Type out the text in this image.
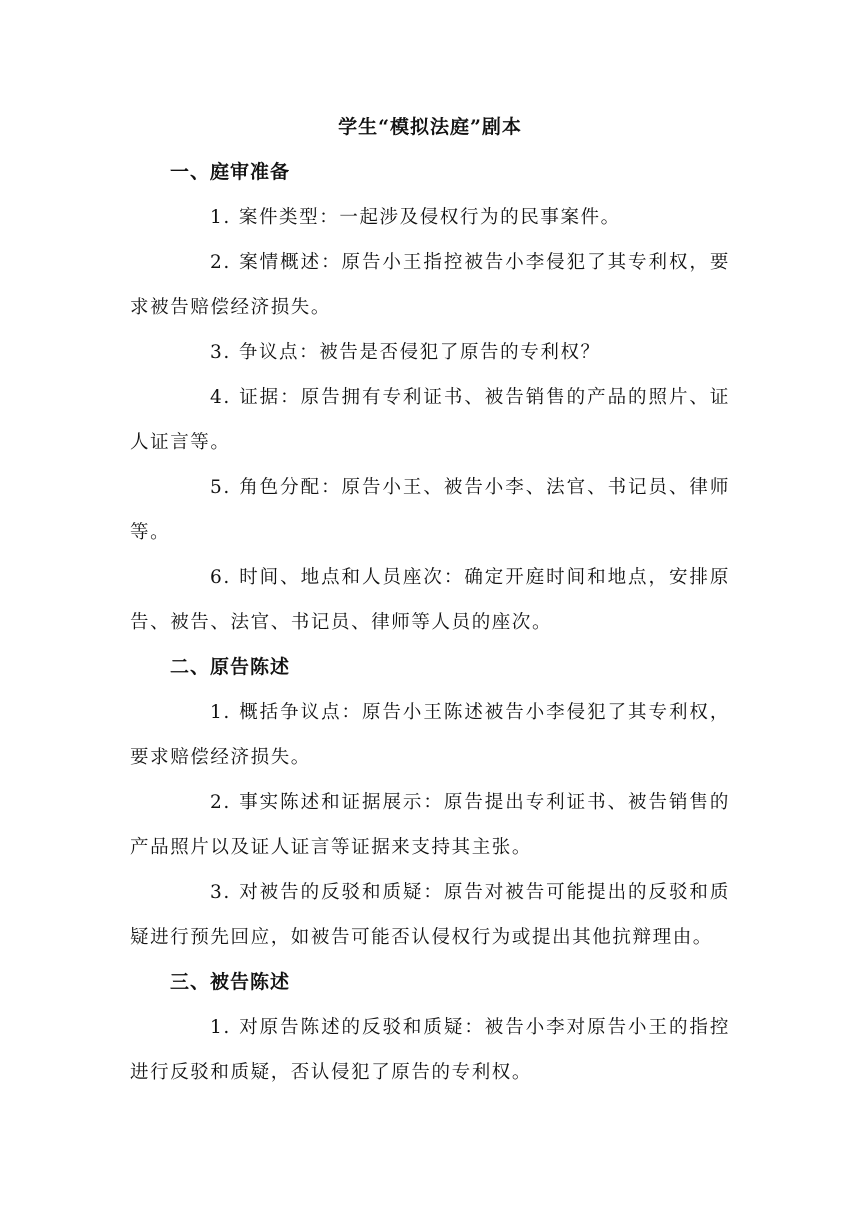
学生“模拟法庭”剧本

一、庭审准备

1. 案件类型：一起涉及侵权行为的民事案件。

2. 案情概述：原告小王指控被告小李侵犯了其专利权，要求被告赔偿经济损失。

3. 争议点：被告是否侵犯了原告的专利权？

4. 证据：原告拥有专利证书、被告销售的产品的照片、证人证言等。

5. 角色分配：原告小王、被告小李、法官、书记员、律师等。

6. 时间、地点和人员座次：确定开庭时间和地点，安排原告、被告、法官、书记员、律师等人员的座次。

二、原告陈述

1. 概括争议点：原告小王陈述被告小李侵犯了其专利权，要求赔偿经济损失。

2. 事实陈述和证据展示：原告提出专利证书、被告销售的产品照片以及证人证言等证据来支持其主张。

3. 对被告的反驳和质疑：原告对被告可能提出的反驳和质疑进行预先回应，如被告可能否认侵权行为或提出其他抗辩理由。

三、被告陈述

1. 对原告陈述的反驳和质疑：被告小李对原告小王的指控进行反驳和质疑，否认侵犯了原告的专利权。
